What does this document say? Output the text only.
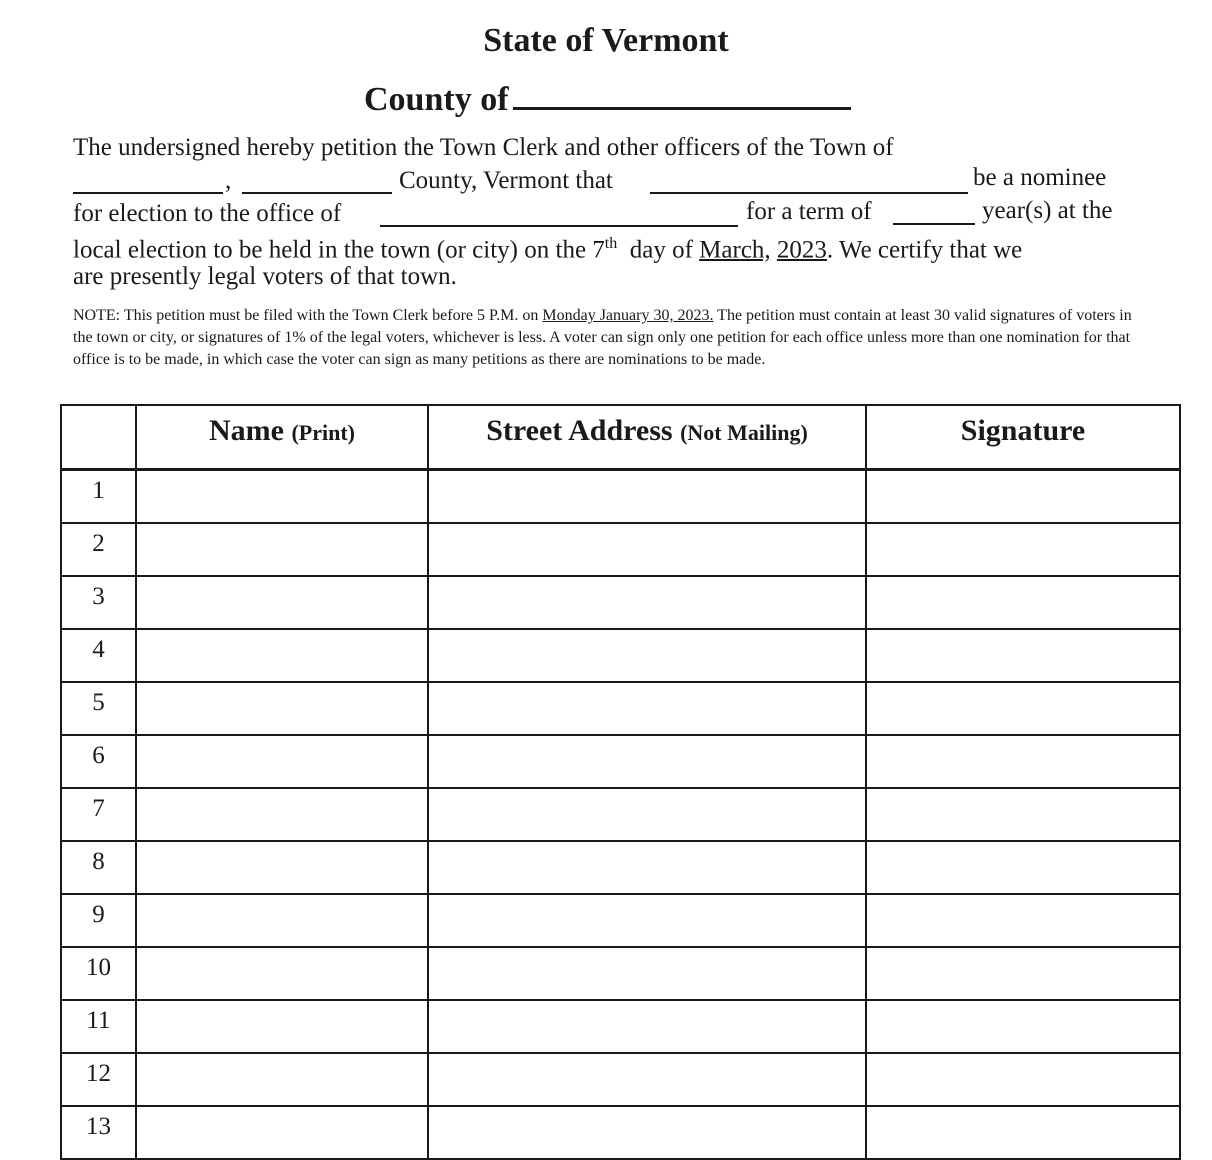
State of Vermont
County of
The undersigned hereby petition the Town Clerk and other officers of the Town of
,	County, Vermont that	be a nominee
for election to the office of	for a term of	year(s) at the
local election to be held in the town (or city) on the 7th day of March, 2023. We certify that we
are presently legal voters of that town.
NOTE: This petition must be filed with the Town Clerk before 5 P.M. on Monday January 30, 2023. The petition must contain at least 30 valid signatures of voters in the town or city, or signatures of 1% of the legal voters, whichever is less. A voter can sign only one petition for each office unless more than one nomination for that office is to be made, in which case the voter can sign as many petitions as there are nominations to be made.
	Name (Print)	Street Address (Not Mailing)	Signature
1			
2			
3			
4			
5			
6			
7			
8			
9			
10			
11			
12			
13			
